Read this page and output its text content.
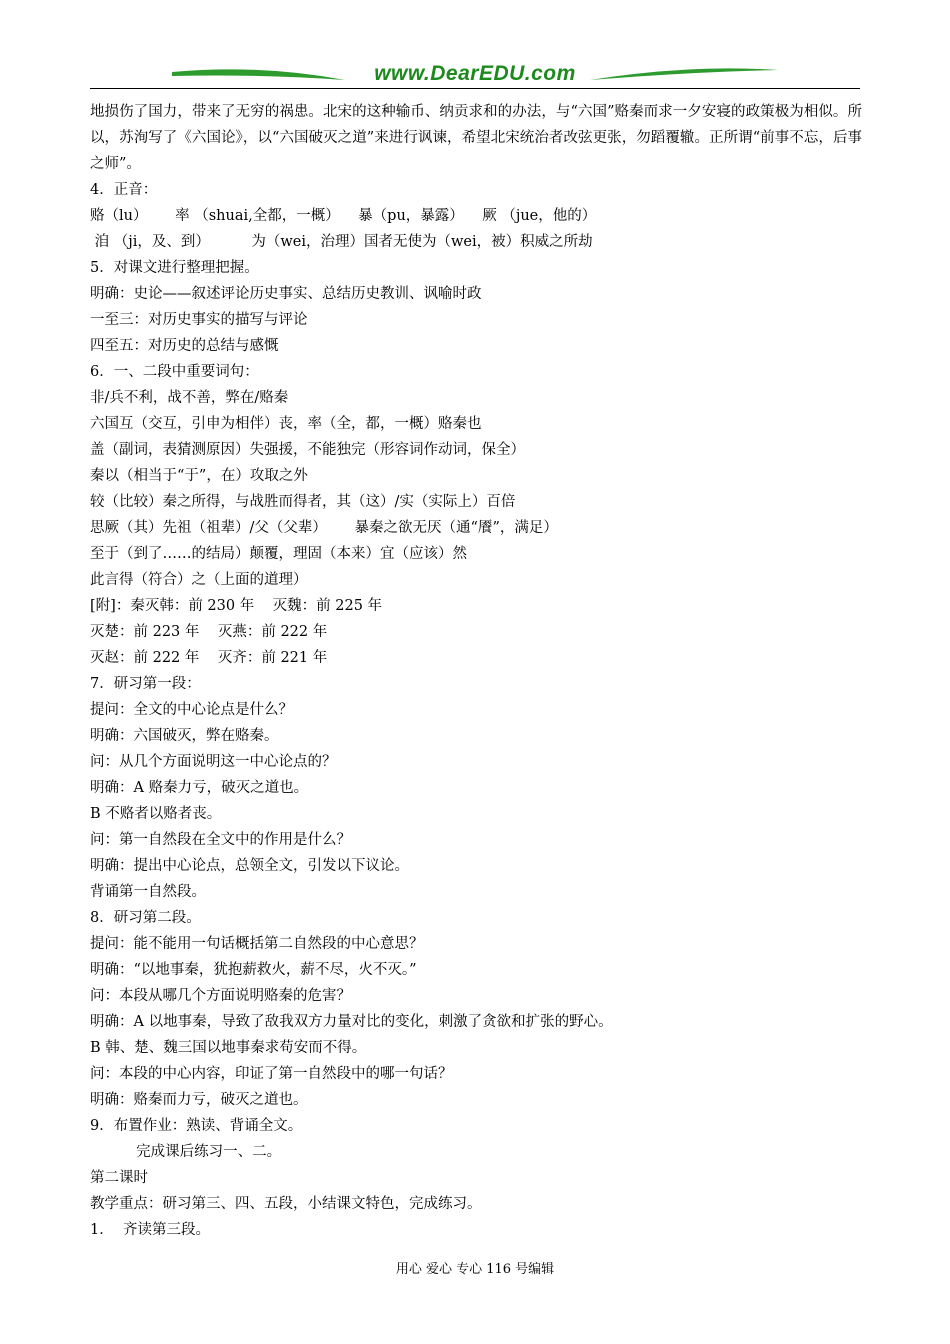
www.DearEDU.com
地损伤了国力，带来了无穷的祸患。北宋的这种输币、纳贡求和的办法，与“六国”赂秦而求一夕安寝的政策极为相似。所以，苏洵写了《六国论》，以“六国破灭之道”来进行讽谏，希望北宋统治者改弦更张，勿蹈覆辙。正所谓“前事不忘，后事之师”。
4．正音：
赂（lu）      率 （shuai,全都，一概）    暴（pu，暴露）    厥 （jue，他的）
洎 （ji，及、到）         为（wei，治理）国者无使为（wei，被）积威之所劫
5．对课文进行整理把握。
明确：史论——叙述评论历史事实、总结历史教训、讽喻时政
一至三：对历史事实的描写与评论
四至五：对历史的总结与感慨
6．一、二段中重要词句：
非/兵不利，战不善，弊在/赂秦
六国互（交互，引申为相伴）丧，率（全，都，一概）赂秦也
盖（副词，表猜测原因）失强援，不能独完（形容词作动词，保全）
秦以（相当于“于”，在）攻取之外
较（比较）秦之所得，与战胜而得者，其（这）/实（实际上）百倍
思厥（其）先祖（祖辈）/父（父辈）      暴秦之欲无厌（通“餍”，满足）
至于（到了……的结局）颠覆，理固（本来）宜（应该）然
此言得（符合）之（上面的道理）
[附]：秦灭韩：前 230 年    灭魏：前 225 年
灭楚：前 223 年    灭燕：前 222 年
灭赵：前 222 年    灭齐：前 221 年
7．研习第一段：
提问：全文的中心论点是什么？
明确：六国破灭，弊在赂秦。
问：从几个方面说明这一中心论点的？
明确：A 赂秦力亏，破灭之道也。
B 不赂者以赂者丧。
问：第一自然段在全文中的作用是什么？
明确：提出中心论点，总领全文，引发以下议论。
背诵第一自然段。
8．研习第二段。
提问：能不能用一句话概括第二自然段的中心意思？
明确：“以地事秦，犹抱薪救火，薪不尽，火不灭。”
问：本段从哪几个方面说明赂秦的危害？
明确：A 以地事秦，导致了敌我双方力量对比的变化，刺激了贪欲和扩张的野心。
B 韩、楚、魏三国以地事秦求苟安而不得。
问：本段的中心内容，印证了第一自然段中的哪一句话？
明确：赂秦而力亏，破灭之道也。
9．布置作业：熟读、背诵全文。
完成课后练习一、二。
第二课时
教学重点：研习第三、四、五段，小结课文特色，完成练习。
1．  齐读第三段。
用心 爱心 专心 116 号编辑
